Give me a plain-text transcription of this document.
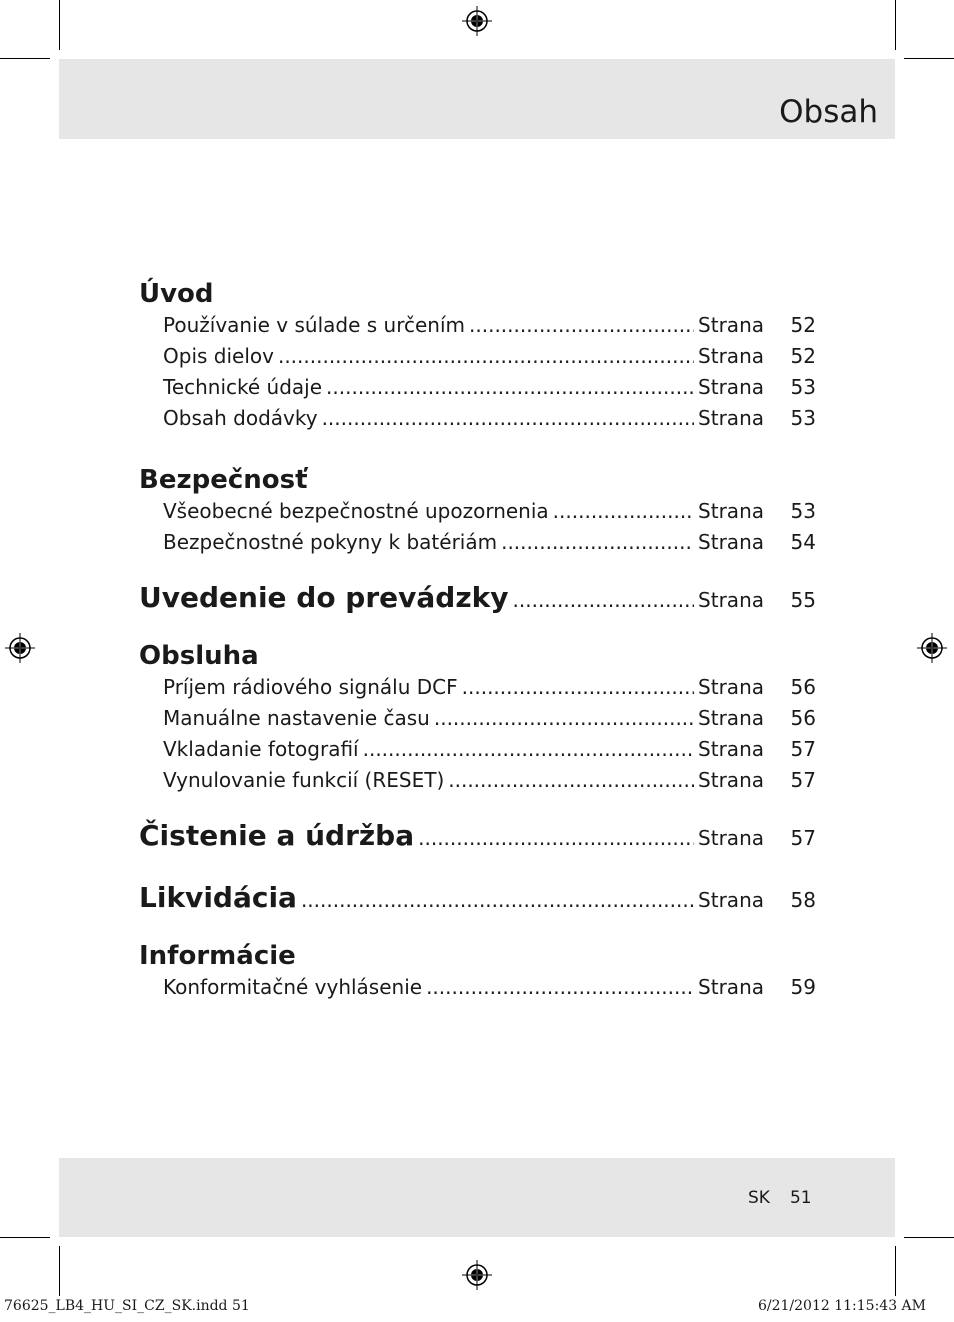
Obsah
Úvod
Používanie v súlade s určením .....	Strana	52
Opis dielov .....	Strana	52
Technické údaje .....	Strana	53
Obsah dodávky .....	Strana	53
Bezpečnosť
Všeobecné bezpečnostné upozornenia .....	Strana	53
Bezpečnostné pokyny k batériám .....	Strana	54
Uvedenie do prevádzky .....	Strana	55
Obsluha
Príjem rádiového signálu DCF .....	Strana	56
Manuálne nastavenie času .....	Strana	56
Vkladanie fotografií .....	Strana	57
Vynulovanie funkcií (RESET) .....	Strana	57
Čistenie a údržba .....	Strana	57
Likvidácia .....	Strana	58
Informácie
Konformitačné vyhlásenie .....	Strana	59
SK 51
76625_LB4_HU_SI_CZ_SK.indd 51	6/21/2012 11:15:43 AM
